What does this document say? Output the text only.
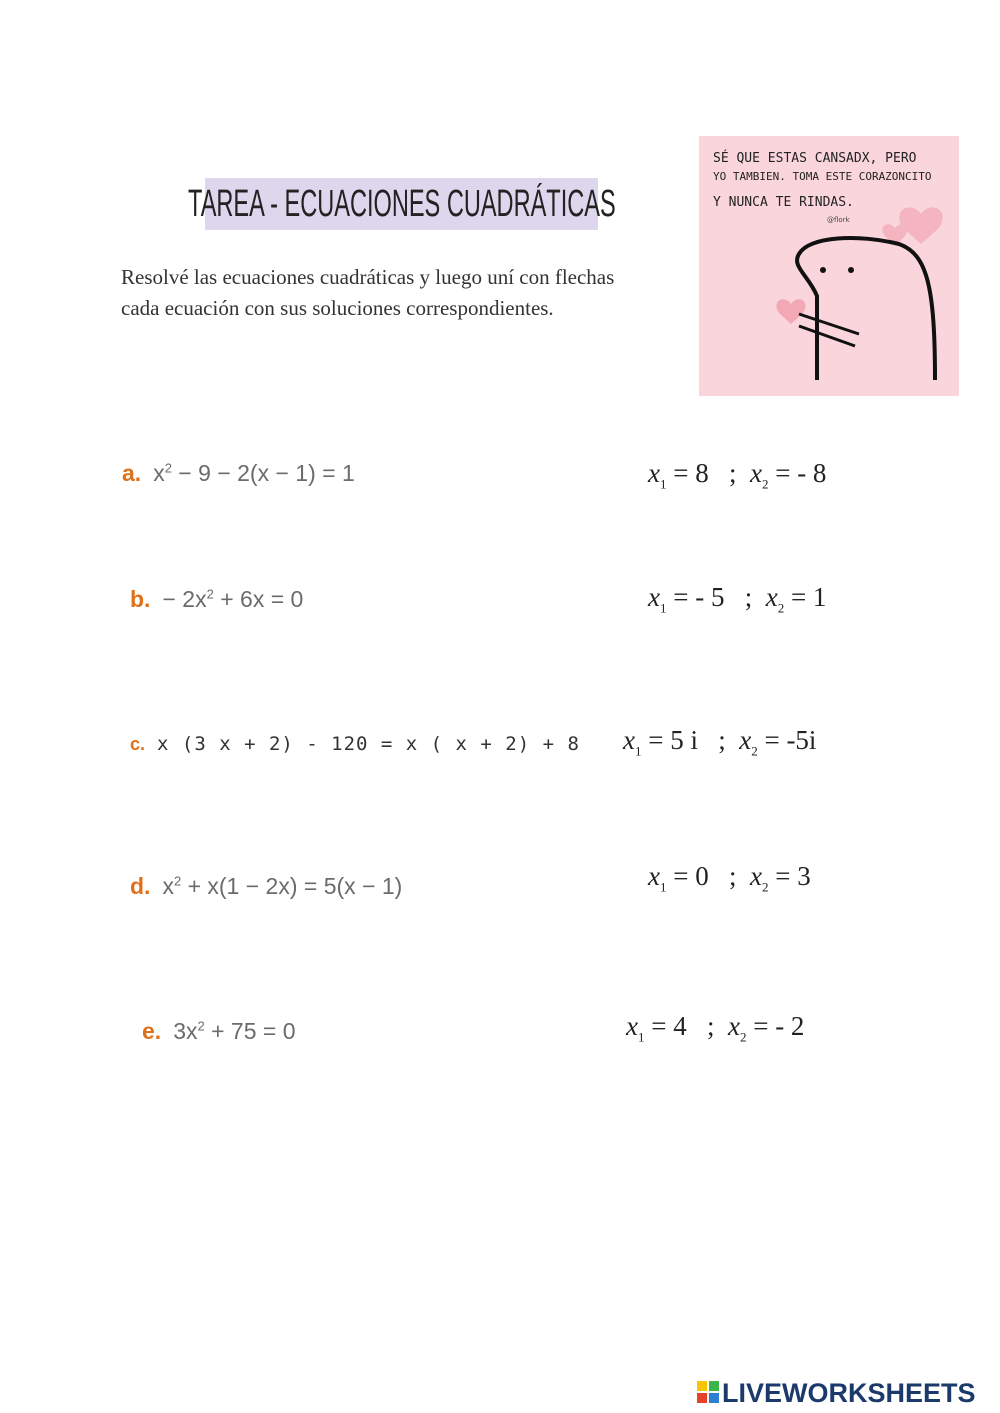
TAREA - ECUACIONES CUADRÁTICAS
Resolvé las ecuaciones cuadráticas y luego uní con flechas cada ecuación con sus soluciones correspondientes.
SÉ QUE ESTAS CANSADX, PERO
YO TAMBIEN. TOMA ESTE CORAZONCITO
Y NUNCA TE RINDAS.
@flork
a. $x^2 - 9 - 2(x - 1) = 1$
b. − $2x^2 + 6x = 0$
c. x (3 x + 2) - 120 = x ( x + 2) + 8
d. $x^2 + x(1 - 2x) = 5(x - 1)$
e. $3x^2 + 75 = 0$
$x_1 = 8$ ; $x_2$ = - 8
$x_1$ = - 5 ; $x_2 = 1$
$x_1 = 5$ i ; $x_2 = -5i$
$x_1 = 0$ ; $x_2 = 3$
$x_1 = 4$ ; $x_2$ = - 2
LIVEWORKSHEETS
